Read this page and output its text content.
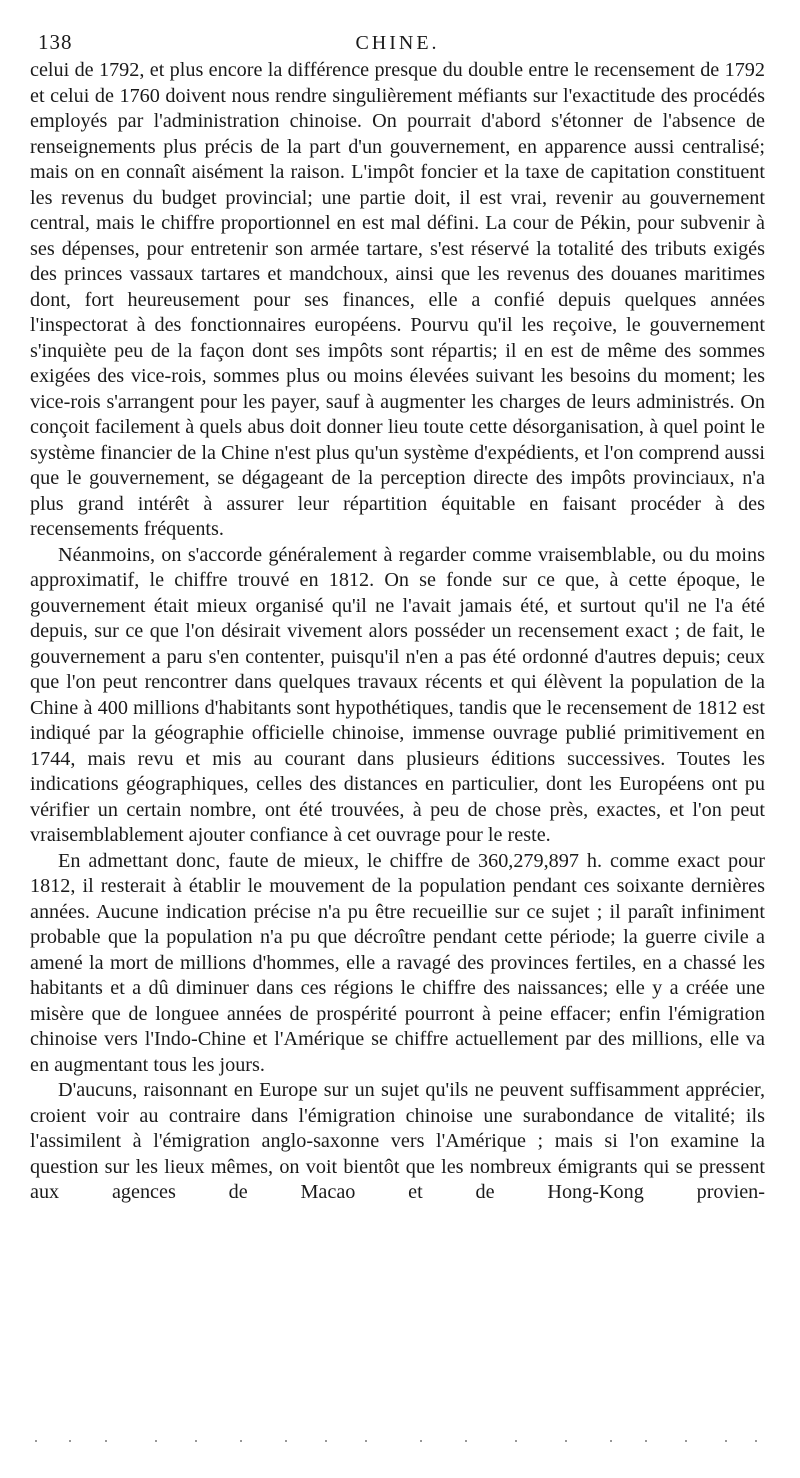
138	CHINE.

celui de 1792, et plus encore la différence presque du double entre le recensement de 1792 et celui de 1760 doivent nous rendre singulièrement méfiants sur l'exactitude des procédés employés par l'administration chinoise. On pourrait d'abord s'étonner de l'absence de renseignements plus précis de la part d'un gouvernement, en apparence aussi centralisé; mais on en connaît aisément la raison. L'impôt foncier et la taxe de capitation constituent les revenus du budget provincial; une partie doit, il est vrai, revenir au gouvernement central, mais le chiffre proportionnel en est mal défini. La cour de Pékin, pour subvenir à ses dépenses, pour entretenir son armée tartare, s'est réservé la totalité des tributs exigés des princes vassaux tartares et mandchoux, ainsi que les revenus des douanes maritimes dont, fort heureusement pour ses finances, elle a confié depuis quelques années l'inspectorat à des fonctionnaires européens. Pourvu qu'il les reçoive, le gouvernement s'inquiète peu de la façon dont ses impôts sont répartis; il en est de même des sommes exigées des vice-rois, sommes plus ou moins élevées suivant les besoins du moment; les vice-rois s'arrangent pour les payer, sauf à augmenter les charges de leurs administrés. On conçoit facilement à quels abus doit donner lieu toute cette désorganisation, à quel point le système financier de la Chine n'est plus qu'un système d'expédients, et l'on comprend aussi que le gouvernement, se dégageant de la perception directe des impôts provinciaux, n'a plus grand intérêt à assurer leur répartition équitable en faisant procéder à des recensements fréquents.

Néanmoins, on s'accorde généralement à regarder comme vraisemblable, ou du moins approximatif, le chiffre trouvé en 1812. On se fonde sur ce que, à cette époque, le gouvernement était mieux organisé qu'il ne l'avait jamais été, et surtout qu'il ne l'a été depuis, sur ce que l'on désirait vivement alors posséder un recensement exact ; de fait, le gouvernement a paru s'en contenter, puisqu'il n'en a pas été ordonné d'autres depuis; ceux que l'on peut rencontrer dans quelques travaux récents et qui élèvent la population de la Chine à 400 millions d'habitants sont hypothétiques, tandis que le recensement de 1812 est indiqué par la géographie officielle chinoise, immense ouvrage publié primitivement en 1744, mais revu et mis au courant dans plusieurs éditions successives. Toutes les indications géographiques, celles des distances en particulier, dont les Européens ont pu vérifier un certain nombre, ont été trouvées, à peu de chose près, exactes, et l'on peut vraisemblablement ajouter confiance à cet ouvrage pour le reste.

En admettant donc, faute de mieux, le chiffre de 360,279,897 h. comme exact pour 1812, il resterait à établir le mouvement de la population pendant ces soixante dernières années. Aucune indication précise n'a pu être recueillie sur ce sujet ; il paraît infiniment probable que la population n'a pu que décroître pendant cette période; la guerre civile a amené la mort de millions d'hommes, elle a ravagé des provinces fertiles, en a chassé les habitants et a dû diminuer dans ces régions le chiffre des naissances; elle y a créée une misère que de longuee années de prospérité pourront à peine effacer; enfin l'émigration chinoise vers l'Indo-Chine et l'Amérique se chiffre actuellement par des millions, elle va en augmentant tous les jours.

D'aucuns, raisonnant en Europe sur un sujet qu'ils ne peuvent suffisamment apprécier, croient voir au contraire dans l'émigration chinoise une surabondance de vitalité; ils l'assimilent à l'émigration anglo-saxonne vers l'Amérique ; mais si l'on examine la question sur les lieux mêmes, on voit bientôt que les nombreux émigrants qui se pressent aux agences de Macao et de Hong-Kong provien-
